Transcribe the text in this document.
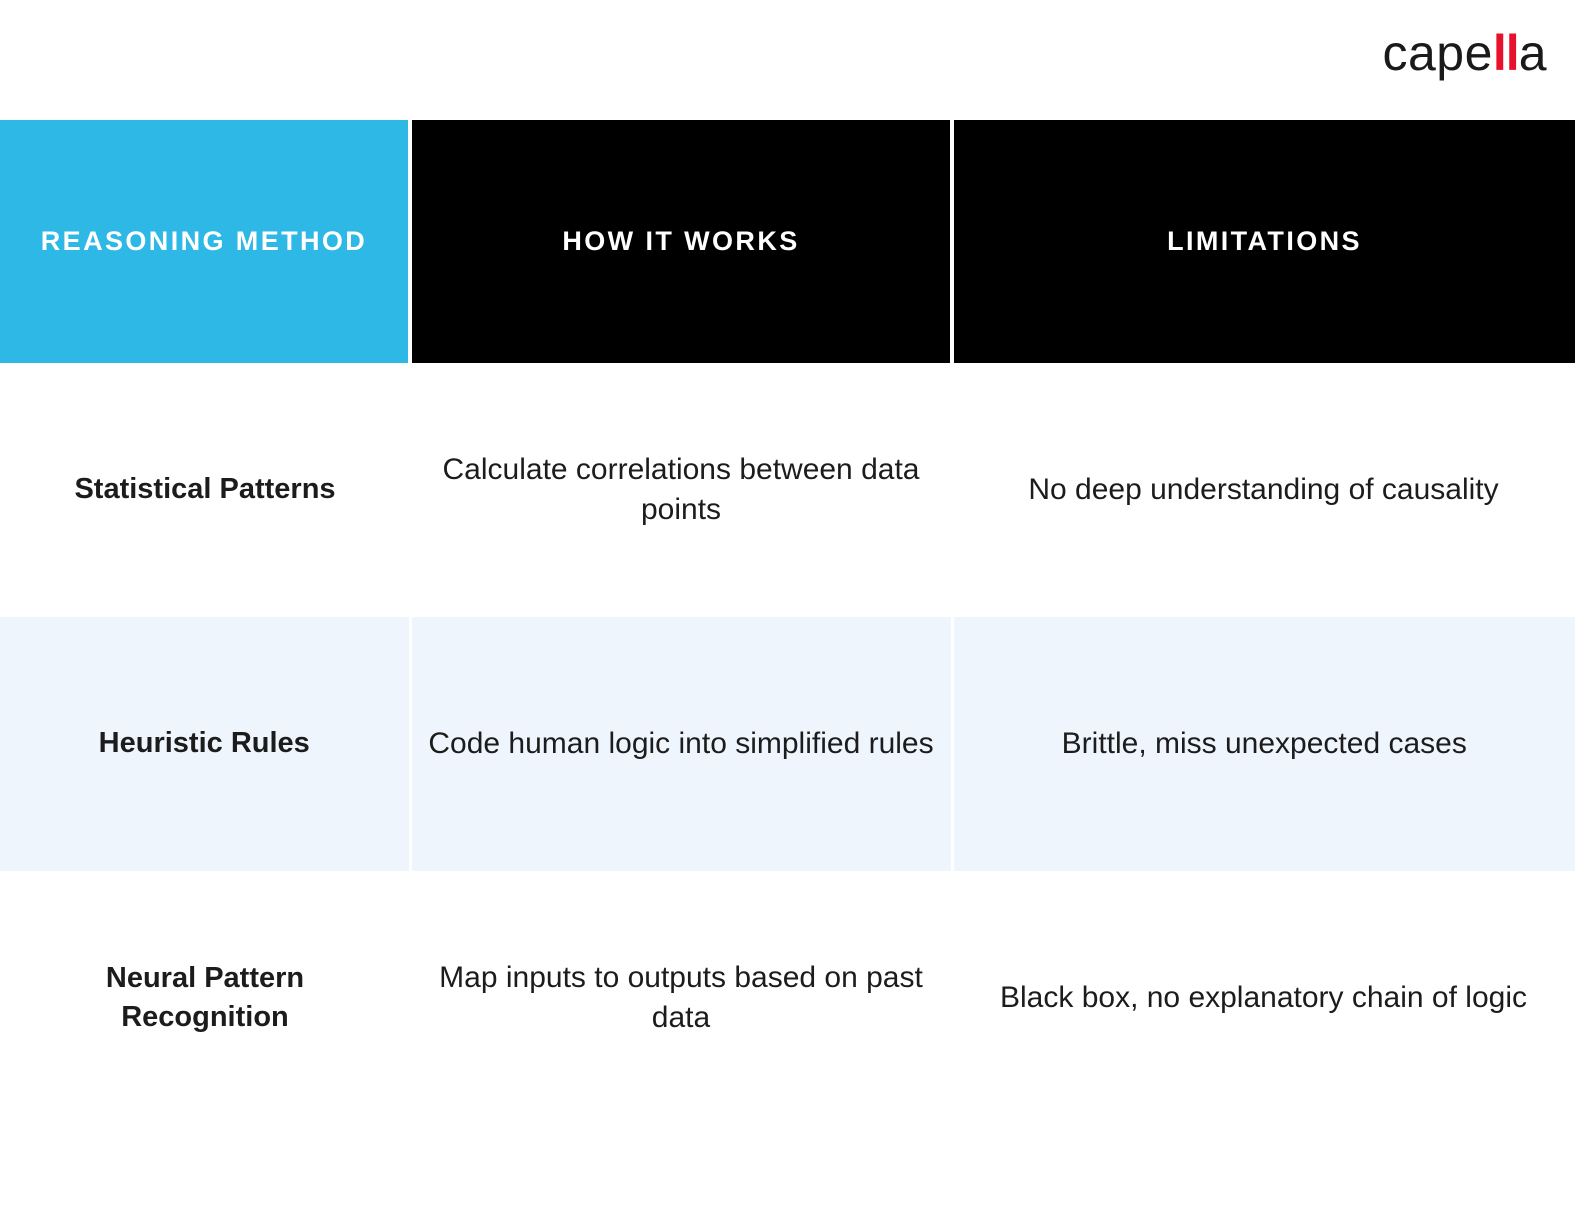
capella
REASONING METHOD	HOW IT WORKS	LIMITATIONS
Statistical Patterns	Calculate correlations between data points	No deep understanding of causality
Heuristic Rules	Code human logic into simplified rules	Brittle, miss unexpected cases
Neural Pattern Recognition	Map inputs to outputs based on past data	Black box, no explanatory chain of logic
